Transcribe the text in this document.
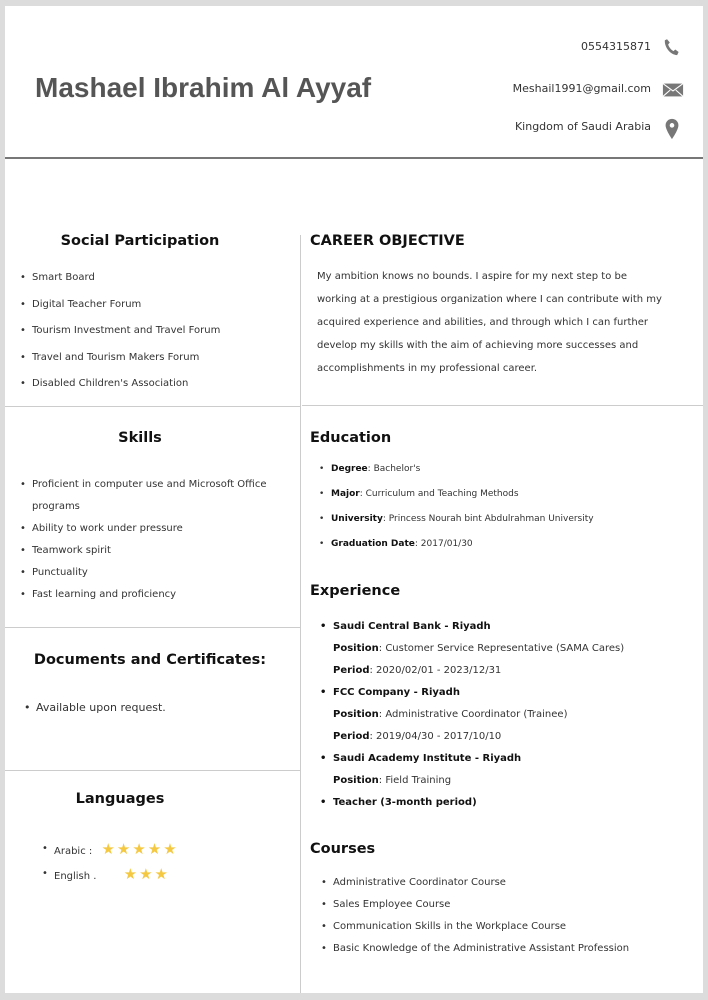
Mashael Ibrahim Al Ayyaf
0554315871
Meshail1991@gmail.com
Kingdom of Saudi Arabia
Social Participation
• Smart Board
• Digital Teacher Forum
• Tourism Investment and Travel Forum
• Travel and Tourism Makers Forum
• Disabled Children's Association
Skills
• Proficient in computer use and Microsoft Office
programs
• Ability to work under pressure
• Teamwork spirit
• Punctuality
• Fast learning and proficiency
Documents and Certificates:
• Available upon request.
Languages
• Arabic : ★★★★★
• English . ★★★
CAREER OBJECTIVE
My ambition knows no bounds. I aspire for my next step to be working at a prestigious organization where I can contribute with my acquired experience and abilities, and through which I can further develop my skills with the aim of achieving more successes and accomplishments in my professional career.
Education
• Degree: Bachelor's
• Major: Curriculum and Teaching Methods
• University: Princess Nourah bint Abdulrahman University
• Graduation Date: 2017/01/30
Experience
• Saudi Central Bank - Riyadh
Position: Customer Service Representative (SAMA Cares)
Period: 2020/02/01 - 2023/12/31
• FCC Company - Riyadh
Position: Administrative Coordinator (Trainee)
Period: 2019/04/30 - 2017/10/10
• Saudi Academy Institute - Riyadh
Position: Field Training
• Teacher (3-month period)
Courses
• Administrative Coordinator Course
• Sales Employee Course
• Communication Skills in the Workplace Course
• Basic Knowledge of the Administrative Assistant Profession
